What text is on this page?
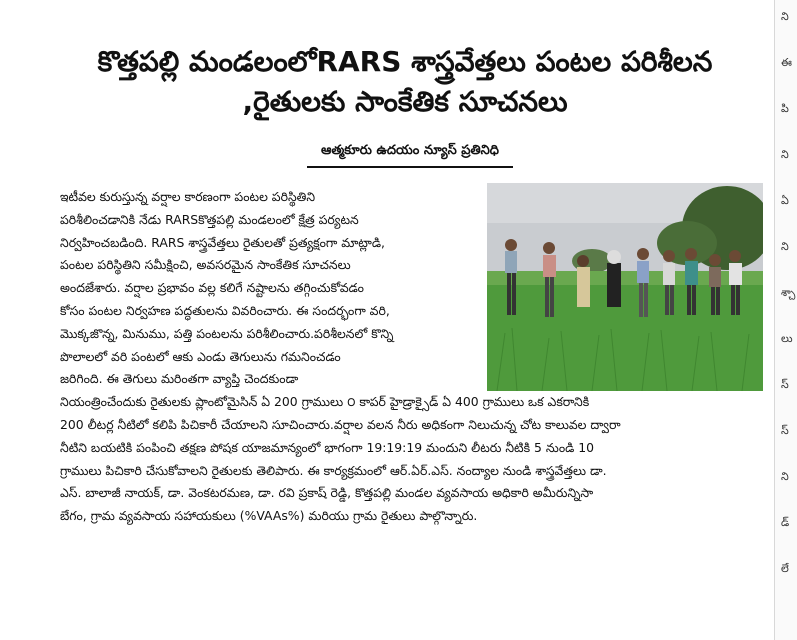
ని
ఈ
పి
ని
ఏ
ని
శ్చా
లు
స్
స్
ని
డ్
లే
కొత్తపల్లి మండలంలోRARS శాస్త్రవేత్తలు పంటల పరిశీలన
,రైతులకు సాంకేతిక సూచనలు
ఆత్మకూరు ఉదయం న్యూస్ ప్రతినిధి
ఇటీవల కురుస్తున్న వర్షాల కారణంగా పంటల పరిస్థితిని
పరిశీలించడానికి నేడు RARSకొత్తపల్లి మండలంలో క్షేత్ర పర్యటన
నిర్వహించబడింది. RARS శాస్త్రవేత్తలు రైతులతో ప్రత్యక్షంగా మాట్లాడి,
పంటల పరిస్థితిని సమీక్షించి, అవసరమైన సాంకేతిక సూచనలు
అందజేశారు. వర్షాల ప్రభావం వల్ల కలిగే నష్టాలను తగ్గించుకోవడం
కోసం పంటల నిర్వహణ పద్ధతులను వివరించారు. ఈ సందర్భంగా వరి,
మొక్కజొన్న, మినుము, పత్తి పంటలను పరిశీలించారు.పరిశీలనలో కొన్ని
పొలాలలో వరి పంటలో ఆకు ఎండు తెగులును గమనించడం
జరిగింది. ఈ తెగులు మరింతగా వ్యాప్తి చెందకుండా
నియంత్రించేందుకు రైతులకు ప్లాంటోమైసిన్ ఏ 200 గ్రాములు ౦ కాపర్ హైడ్రాక్సైడ్ ఏ 400 గ్రాములు ఒక ఎకరానికి
200 లీటర్ల నీటిలో కలిపి పిచికారీ చేయాలని సూచించారు.వర్షాల వలన నీరు అధికంగా నిలుచున్న చోట కాలువల ద్వారా
నీటిని బయటికి పంపించి తక్షణ పోషక యాజమాన్యంలో భాగంగా 19:19:19 మందుని లీటరు నీటికి 5 నుండి 10
గ్రాములు పిచికారి చేసుకోవాలని రైతులకు తెలిపారు. ఈ కార్యక్రమంలో ఆర్.ఏర్.ఎస్. నంద్యాల నుండి శాస్త్రవేత్తలు డా.
ఎస్. బాలాజీ నాయక్, డా. వెంకటరమణ, డా. రవి ప్రకాష్ రెడ్డి, కొత్తపల్లి మండల వ్యవసాయ అధికారి అమీరున్నిసా
బేగం, గ్రామ వ్యవసాయ సహాయకులు (%VAAs%) మరియు గ్రామ రైతులు పాల్గొన్నారు.
